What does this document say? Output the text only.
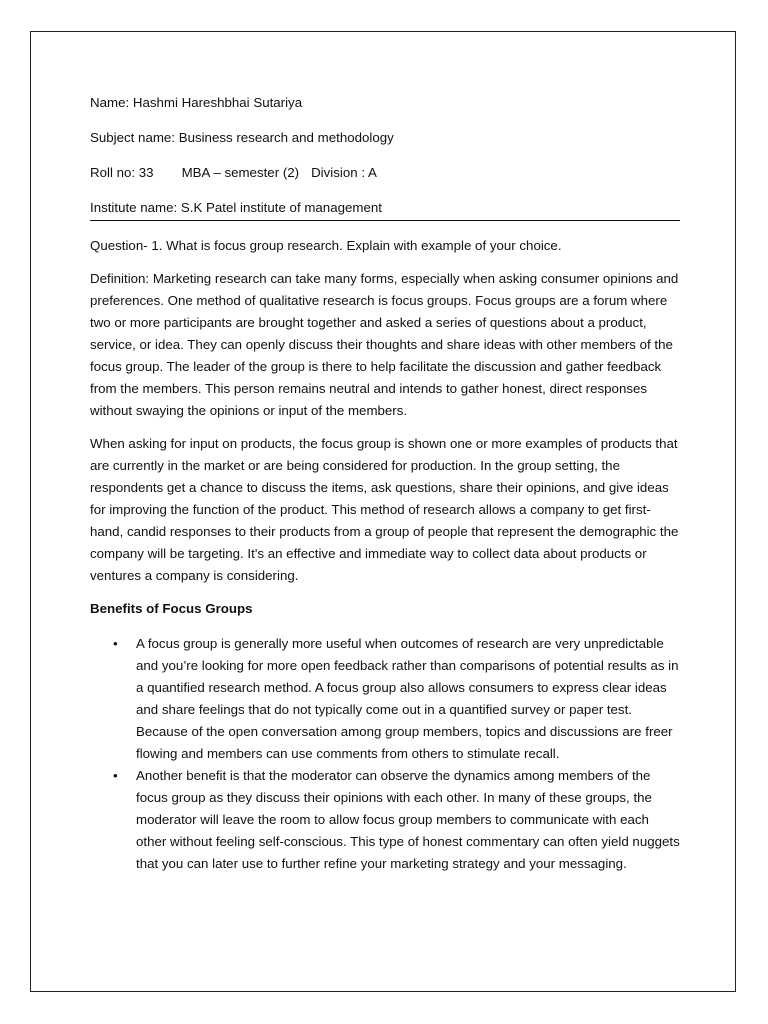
Name: Hashmi Hareshbhai Sutariya
Subject name: Business research and methodology
Roll no: 33 MBA – semester (2) Division : A
Institute name: S.K Patel institute of management
Question- 1. What is focus group research. Explain with example of your choice.

Definition: Marketing research can take many forms, especially when asking consumer opinions and preferences. One method of qualitative research is focus groups. Focus groups are a forum where two or more participants are brought together and asked a series of questions about a product, service, or idea. They can openly discuss their thoughts and share ideas with other members of the focus group. The leader of the group is there to help facilitate the discussion and gather feedback from the members. This person remains neutral and intends to gather honest, direct responses without swaying the opinions or input of the members.

When asking for input on products, the focus group is shown one or more examples of products that are currently in the market or are being considered for production. In the group setting, the respondents get a chance to discuss the items, ask questions, share their opinions, and give ideas for improving the function of the product. This method of research allows a company to get first-hand, candid responses to their products from a group of people that represent the demographic the company will be targeting. It's an effective and immediate way to collect data about products or ventures a company is considering.

Benefits of Focus Groups
• A focus group is generally more useful when outcomes of research are very unpredictable and you’re looking for more open feedback rather than comparisons of potential results as in a quantified research method. A focus group also allows consumers to express clear ideas and share feelings that do not typically come out in a quantified survey or paper test. Because of the open conversation among group members, topics and discussions are freer flowing and members can use comments from others to stimulate recall.
• Another benefit is that the moderator can observe the dynamics among members of the focus group as they discuss their opinions with each other. In many of these groups, the moderator will leave the room to allow focus group members to communicate with each other without feeling self-conscious. This type of honest commentary can often yield nuggets that you can later use to further refine your marketing strategy and your messaging.
